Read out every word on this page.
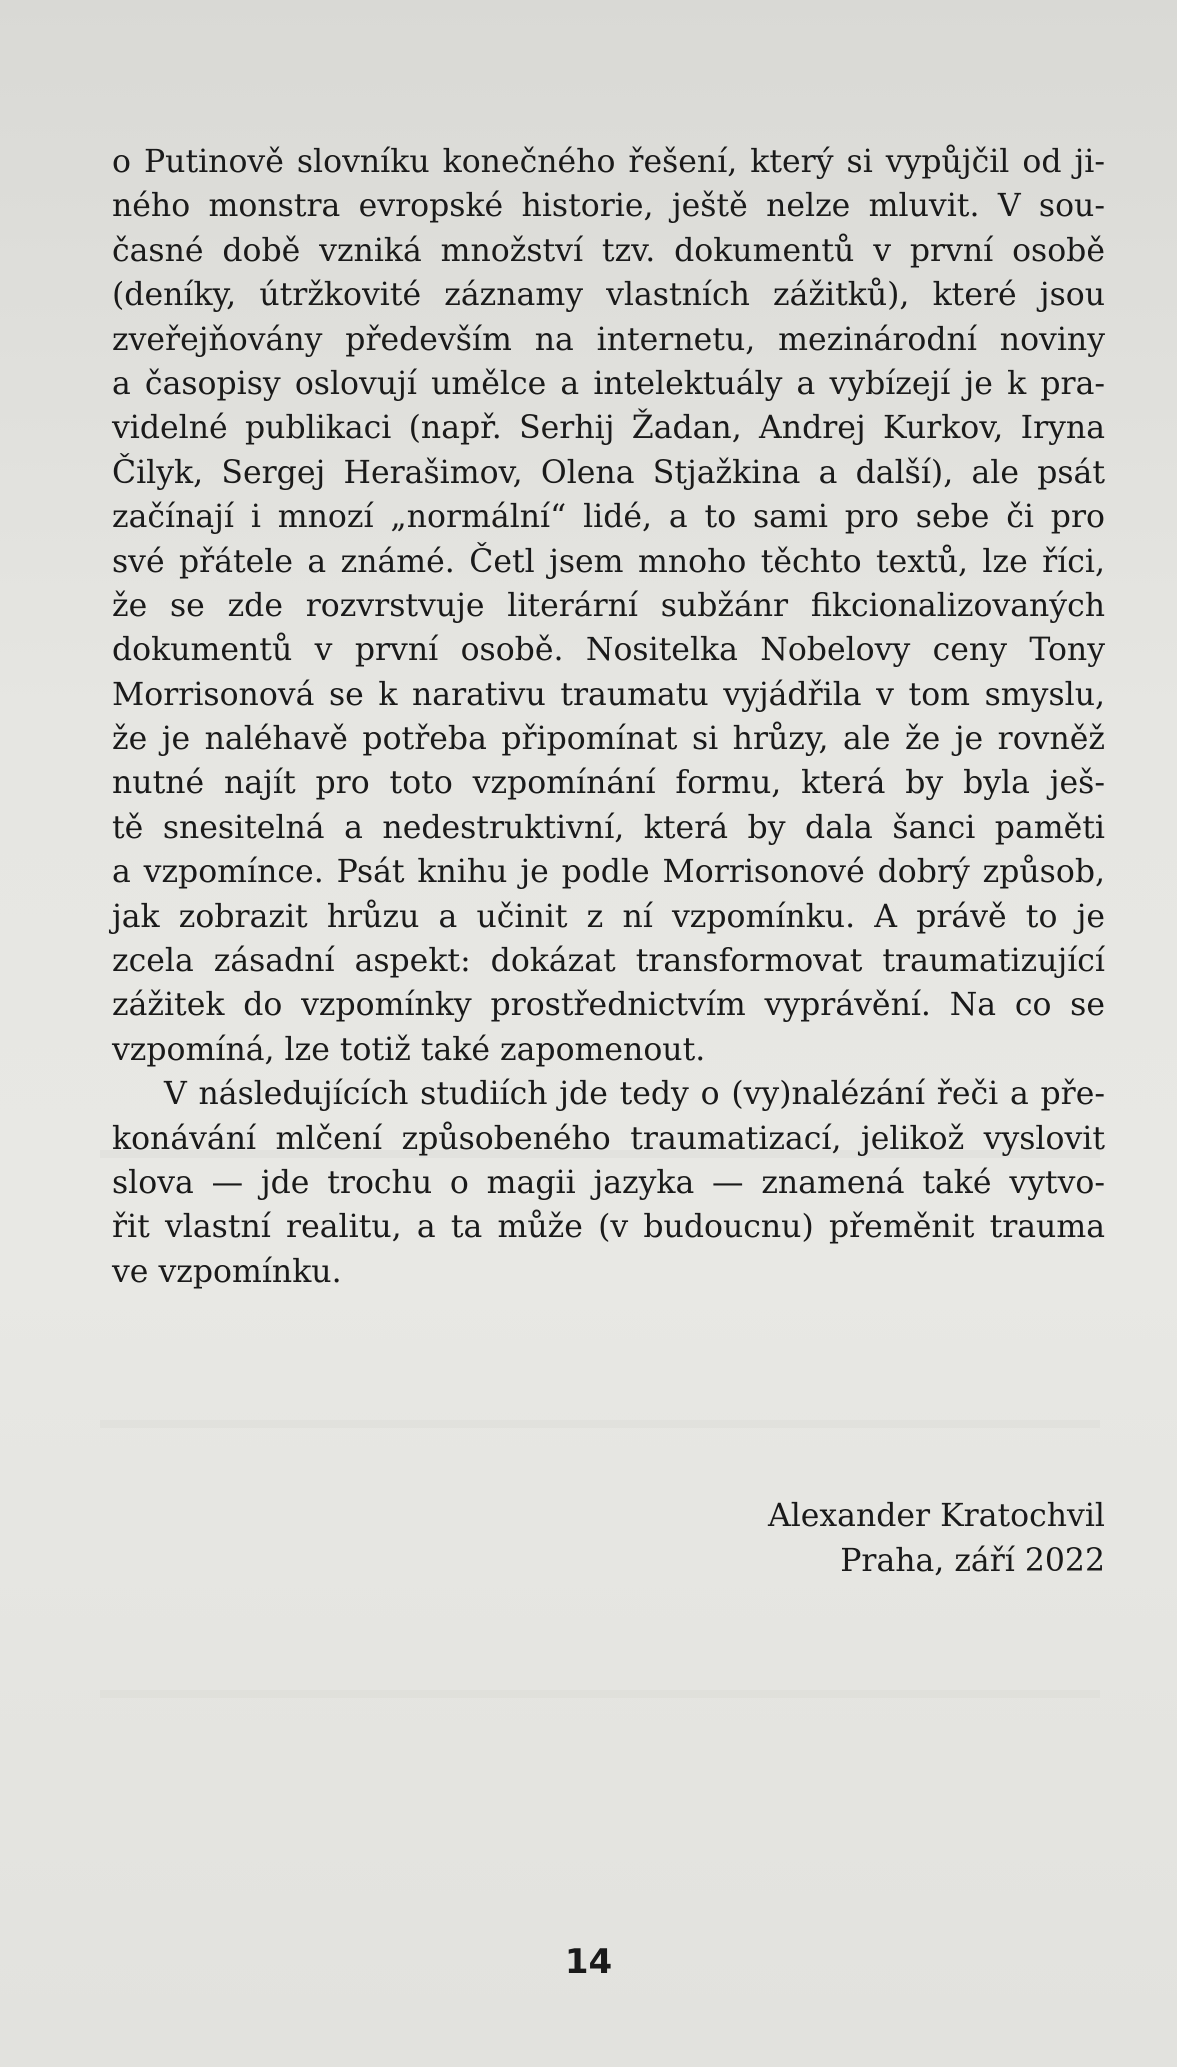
o Putinově slovníku konečného řešení, který si vypůjčil od ji-
ného monstra evropské historie, ještě nelze mluvit. V sou-
časné době vzniká množství tzv. dokumentů v první osobě
(deníky, útržkovité záznamy vlastních zážitků), které jsou
zveřejňovány především na internetu, mezinárodní noviny
a časopisy oslovují umělce a intelektuály a vybízejí je k pra-
videlné publikaci (např. Serhij Žadan, Andrej Kurkov, Iryna
Čilyk, Sergej Herašimov, Olena Stjažkina a další), ale psát
začínají i mnozí „normální“ lidé, a to sami pro sebe či pro
své přátele a známé. Četl jsem mnoho těchto textů, lze říci,
že se zde rozvrstvuje literární subžánr fikcionalizovaných
dokumentů v první osobě. Nositelka Nobelovy ceny Tony
Morrisonová se k narativu traumatu vyjádřila v tom smyslu,
že je naléhavě potřeba připomínat si hrůzy, ale že je rovněž
nutné najít pro toto vzpomínání formu, která by byla ješ-
tě snesitelná a nedestruktivní, která by dala šanci paměti
a vzpomínce. Psát knihu je podle Morrisonové dobrý způsob,
jak zobrazit hrůzu a učinit z ní vzpomínku. A právě to je
zcela zásadní aspekt: dokázat transformovat traumatizující
zážitek do vzpomínky prostřednictvím vyprávění. Na co se
vzpomíná, lze totiž také zapomenout.
V následujících studiích jde tedy o (vy)nalézání řeči a pře-
konávání mlčení způsobeného traumatizací, jelikož vyslovit
slova — jde trochu o magii jazyka — znamená také vytvo-
řit vlastní realitu, a ta může (v budoucnu) přeměnit trauma
ve vzpomínku.
Alexander Kratochvil
Praha, září 2022
14
